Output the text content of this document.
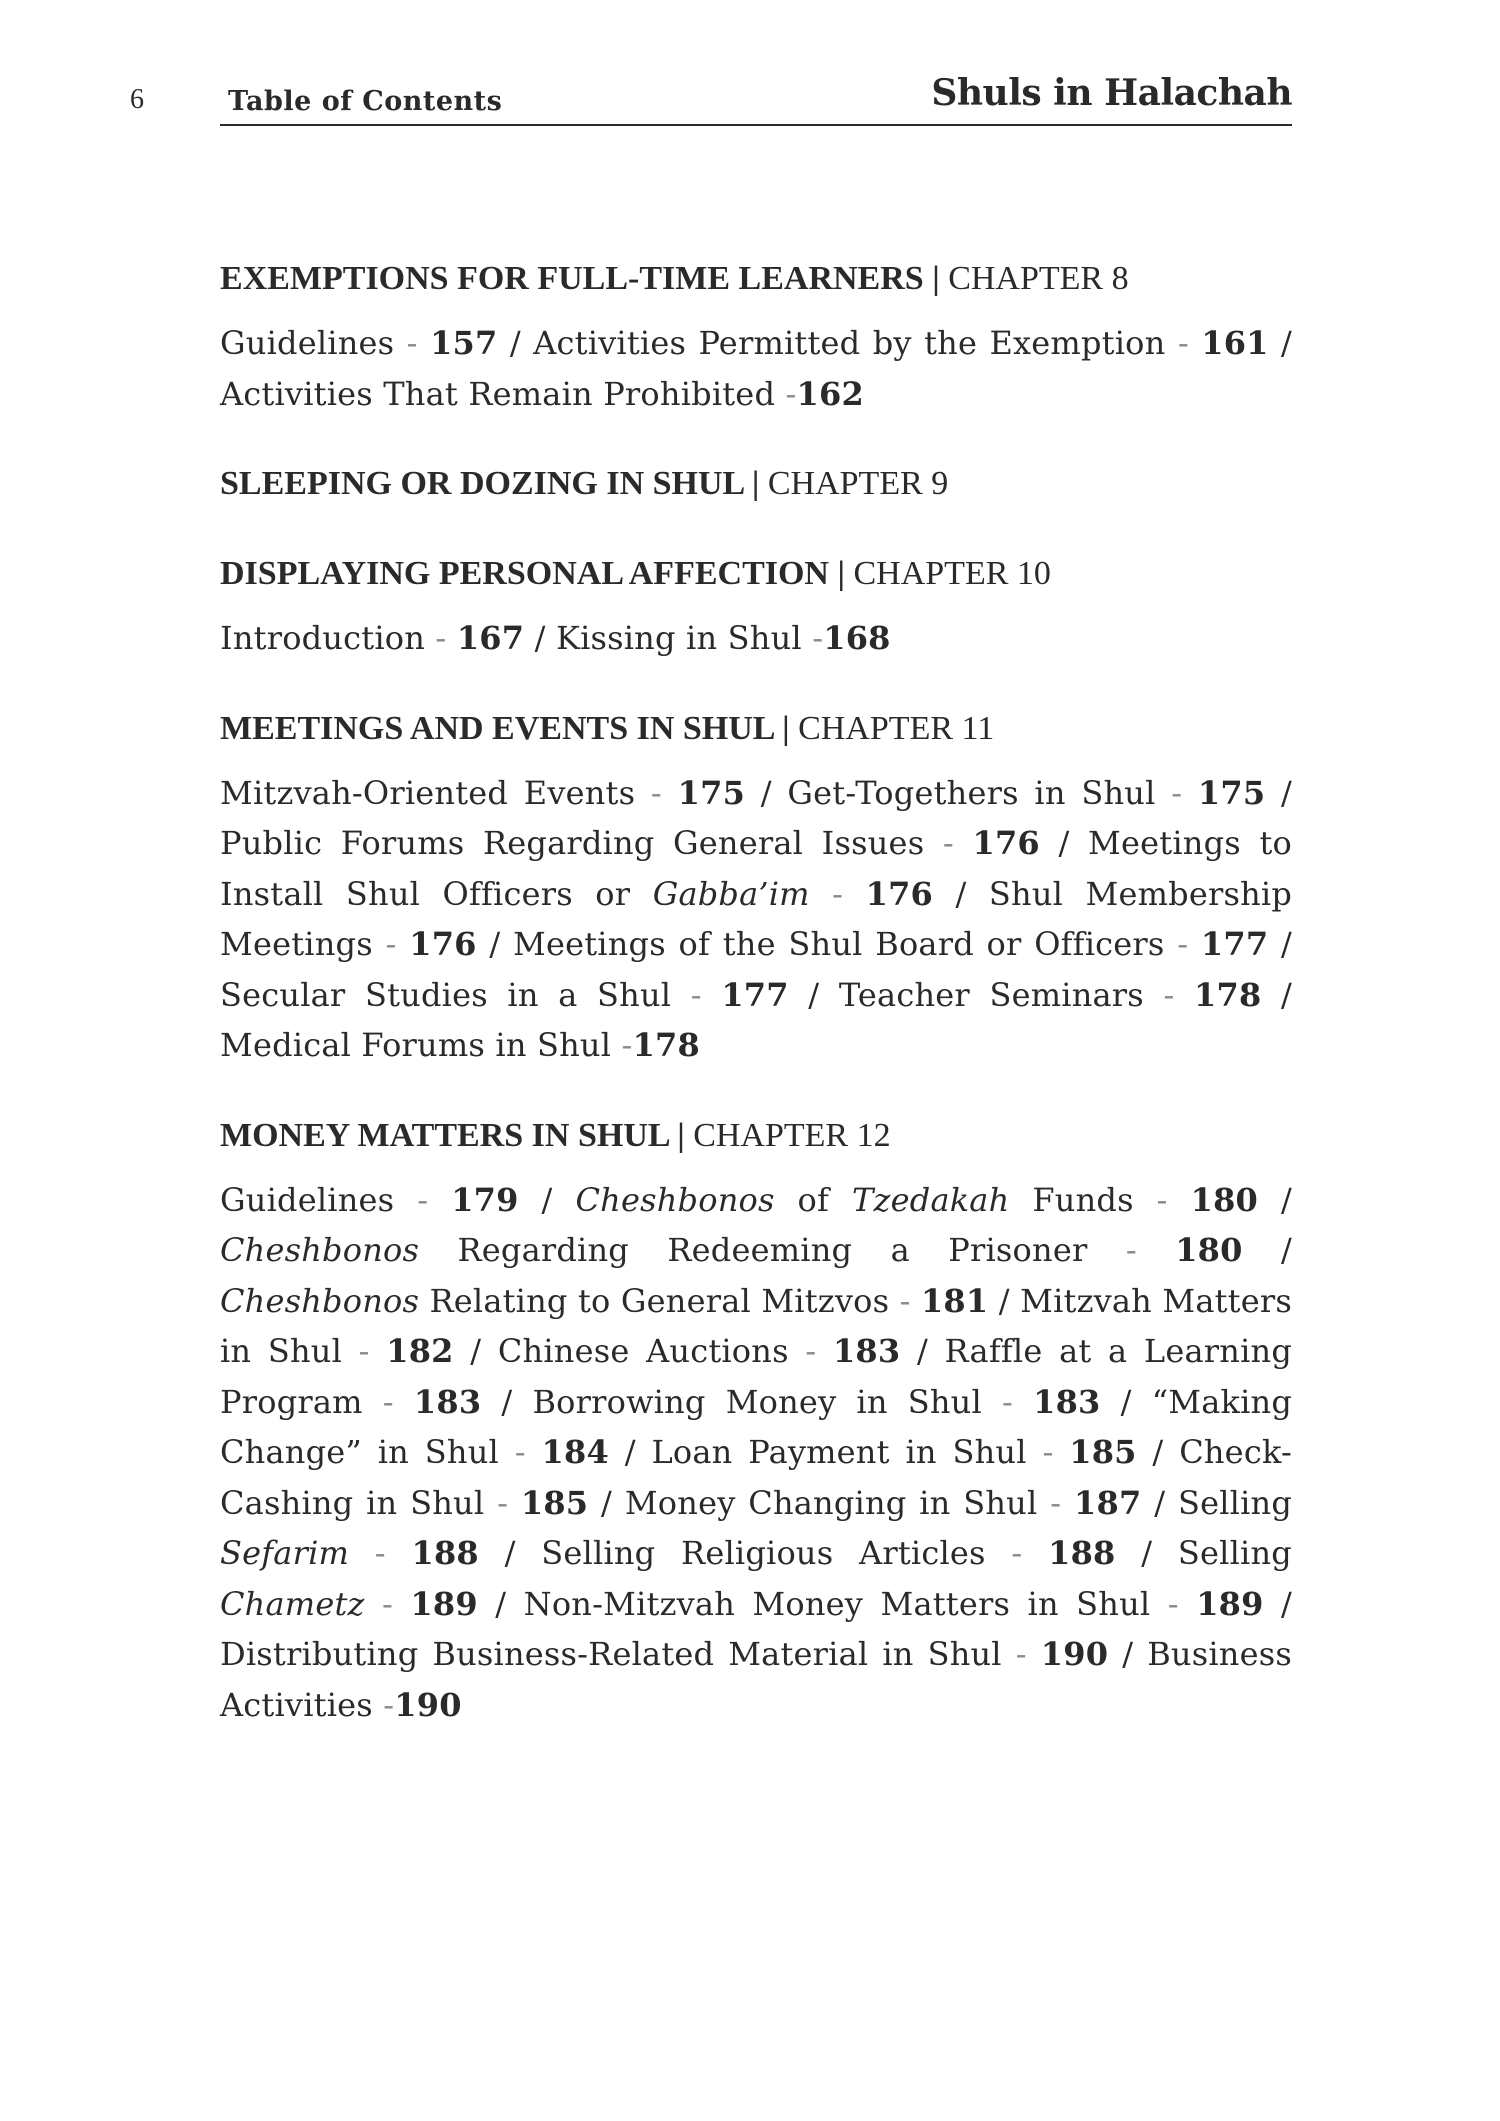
6	Table of Contents	Shuls in Halachah
EXEMPTIONS FOR FULL-TIME LEARNERS | CHAPTER 8
Guidelines - 157 / Activities Permitted by the Exemption - 161 / Activities That Remain Prohibited -162
SLEEPING OR DOZING IN SHUL | CHAPTER 9
DISPLAYING PERSONAL AFFECTION | CHAPTER 10
Introduction - 167 / Kissing in Shul -168
MEETINGS AND EVENTS IN SHUL | CHAPTER 11
Mitzvah-Oriented Events - 175 / Get-Togethers in Shul - 175 / Public Forums Regarding General Issues - 176 / Meetings to Install Shul Officers or Gabba’im - 176 / Shul Membership Meetings - 176 / Meetings of the Shul Board or Officers - 177 / Secular Studies in a Shul - 177 / Teacher Seminars - 178 / Medical Forums in Shul -178
MONEY MATTERS IN SHUL | CHAPTER 12
Guidelines - 179 / Cheshbonos of Tzedakah Funds - 180 / Cheshbonos Regarding Redeeming a Prisoner - 180 / Cheshbonos Relating to General Mitzvos - 181 / Mitzvah Matters in Shul - 182 / Chinese Auctions - 183 / Raffle at a Learning Program - 183 / Borrowing Money in Shul - 183 / “Making Change” in Shul - 184 / Loan Payment in Shul - 185 / Check-Cashing in Shul - 185 / Money Changing in Shul - 187 / Selling Sefarim - 188 / Selling Religious Articles - 188 / Selling Chametz - 189 / Non-Mitzvah Money Matters in Shul - 189 / Distributing Business-Related Material in Shul - 190 / Business Activities -190
